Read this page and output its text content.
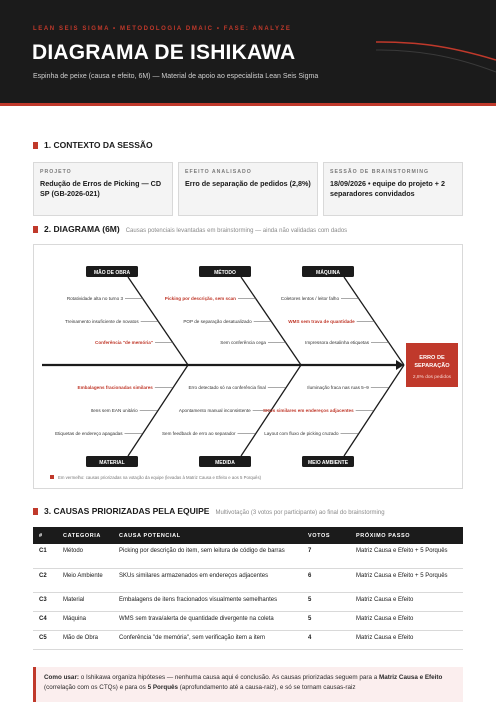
LEAN SEIS SIGMA • METODOLOGIA DMAIC • FASE: ANALYZE
DIAGRAMA DE ISHIKAWA
Espinha de peixe (causa e efeito, 6M) — Material de apoio ao especialista Lean Seis Sigma
1. CONTEXTO DA SESSÃO
PROJETO
Redução de Erros de Picking — CD SP (GB-2026-021)
EFEITO ANALISADO
Erro de separação de pedidos (2,8%)
SESSÃO DE BRAINSTORMING
18/09/2026 • equipe do projeto + 2 separadores convidados
2. DIAGRAMA (6M) Causas potenciais levantadas em brainstorming — ainda não validadas com dados
ERRO DE
SEPARAÇÃO
2,8% dos pedidos
MÃO DE OBRA
Rotatividade alta no turno 3
Treinamento insuficiente de novatos
Conferência "de memória"
MÉTODO
Picking por descrição, sem scan
POP de separação desatualizado
Sem conferência cega
MÁQUINA
Coletores lentos / leitor falho
WMS sem trava de quantidade
Impressora desalinha etiquetas
MATERIAL
Embalagens fracionadas similares
Itens sem EAN unitário
Etiquetas de endereço apagadas
MEDIDA
Erro detectado só na conferência final
Apontamento manual inconsistente
Sem feedback de erro ao separador
MEIO AMBIENTE
Iluminação fraca nas ruas 5–9
SKUs similares em endereços adjacentes
Layout com fluxo de picking cruzado
Em vermelho: causas priorizadas na votação da equipe (levadas à Matriz Causa e Efeito e aos 5 Porquês)
3. CAUSAS PRIORIZADAS PELA EQUIPE Multivotação (3 votos por participante) ao final do brainstorming
#	CATEGORIA	CAUSA POTENCIAL	VOTOS	PRÓXIMO PASSO
C1	Método	Picking por descrição do item, sem leitura de código de barras	7	Matriz Causa e Efeito + 5 Porquês
C2	Meio Ambiente	SKUs similares armazenados em endereços adjacentes	6	Matriz Causa e Efeito + 5 Porquês
C3	Material	Embalagens de itens fracionados visualmente semelhantes	5	Matriz Causa e Efeito
C4	Máquina	WMS sem trava/alerta de quantidade divergente na coleta	5	Matriz Causa e Efeito
C5	Mão de Obra	Conferência "de memória", sem verificação item a item	4	Matriz Causa e Efeito
Como usar: o Ishikawa organiza hipóteses — nenhuma causa aqui é conclusão. As causas priorizadas seguem para a Matriz Causa e Efeito (correlação com os CTQs) e para os 5 Porquês (aprofundamento até a causa-raiz), e só se tornam causas-raiz
